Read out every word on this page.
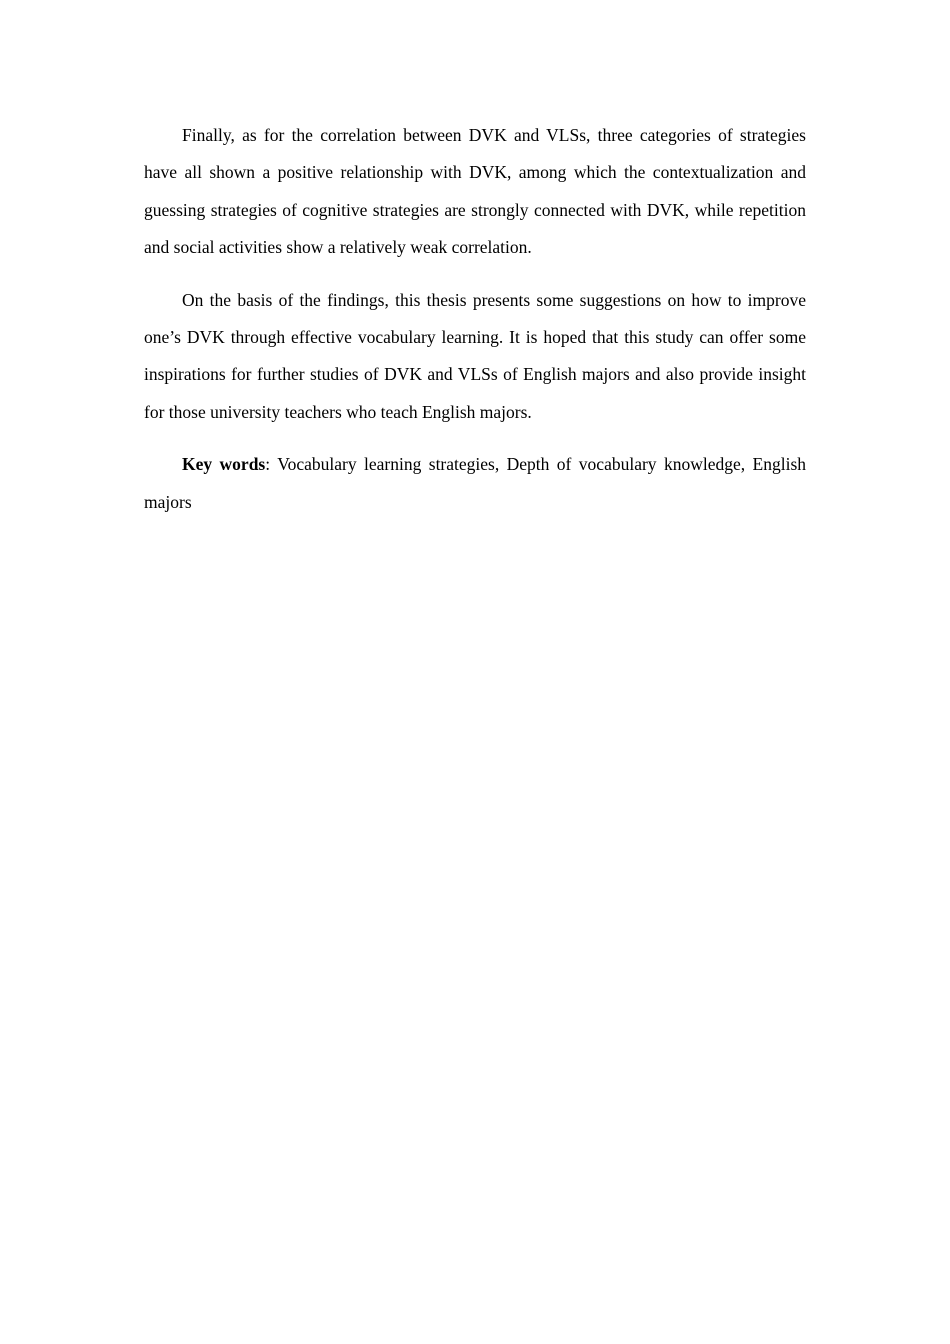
Finally, as for the correlation between DVK and VLSs, three categories of strategies have all shown a positive relationship with DVK, among which the contextualization and guessing strategies of cognitive strategies are strongly connected with DVK, while repetition and social activities show a relatively weak correlation.

On the basis of the findings, this thesis presents some suggestions on how to improve one’s DVK through effective vocabulary learning. It is hoped that this study can offer some inspirations for further studies of DVK and VLSs of English majors and also provide insight for those university teachers who teach English majors.

Key words: Vocabulary learning strategies, Depth of vocabulary knowledge, English majors
